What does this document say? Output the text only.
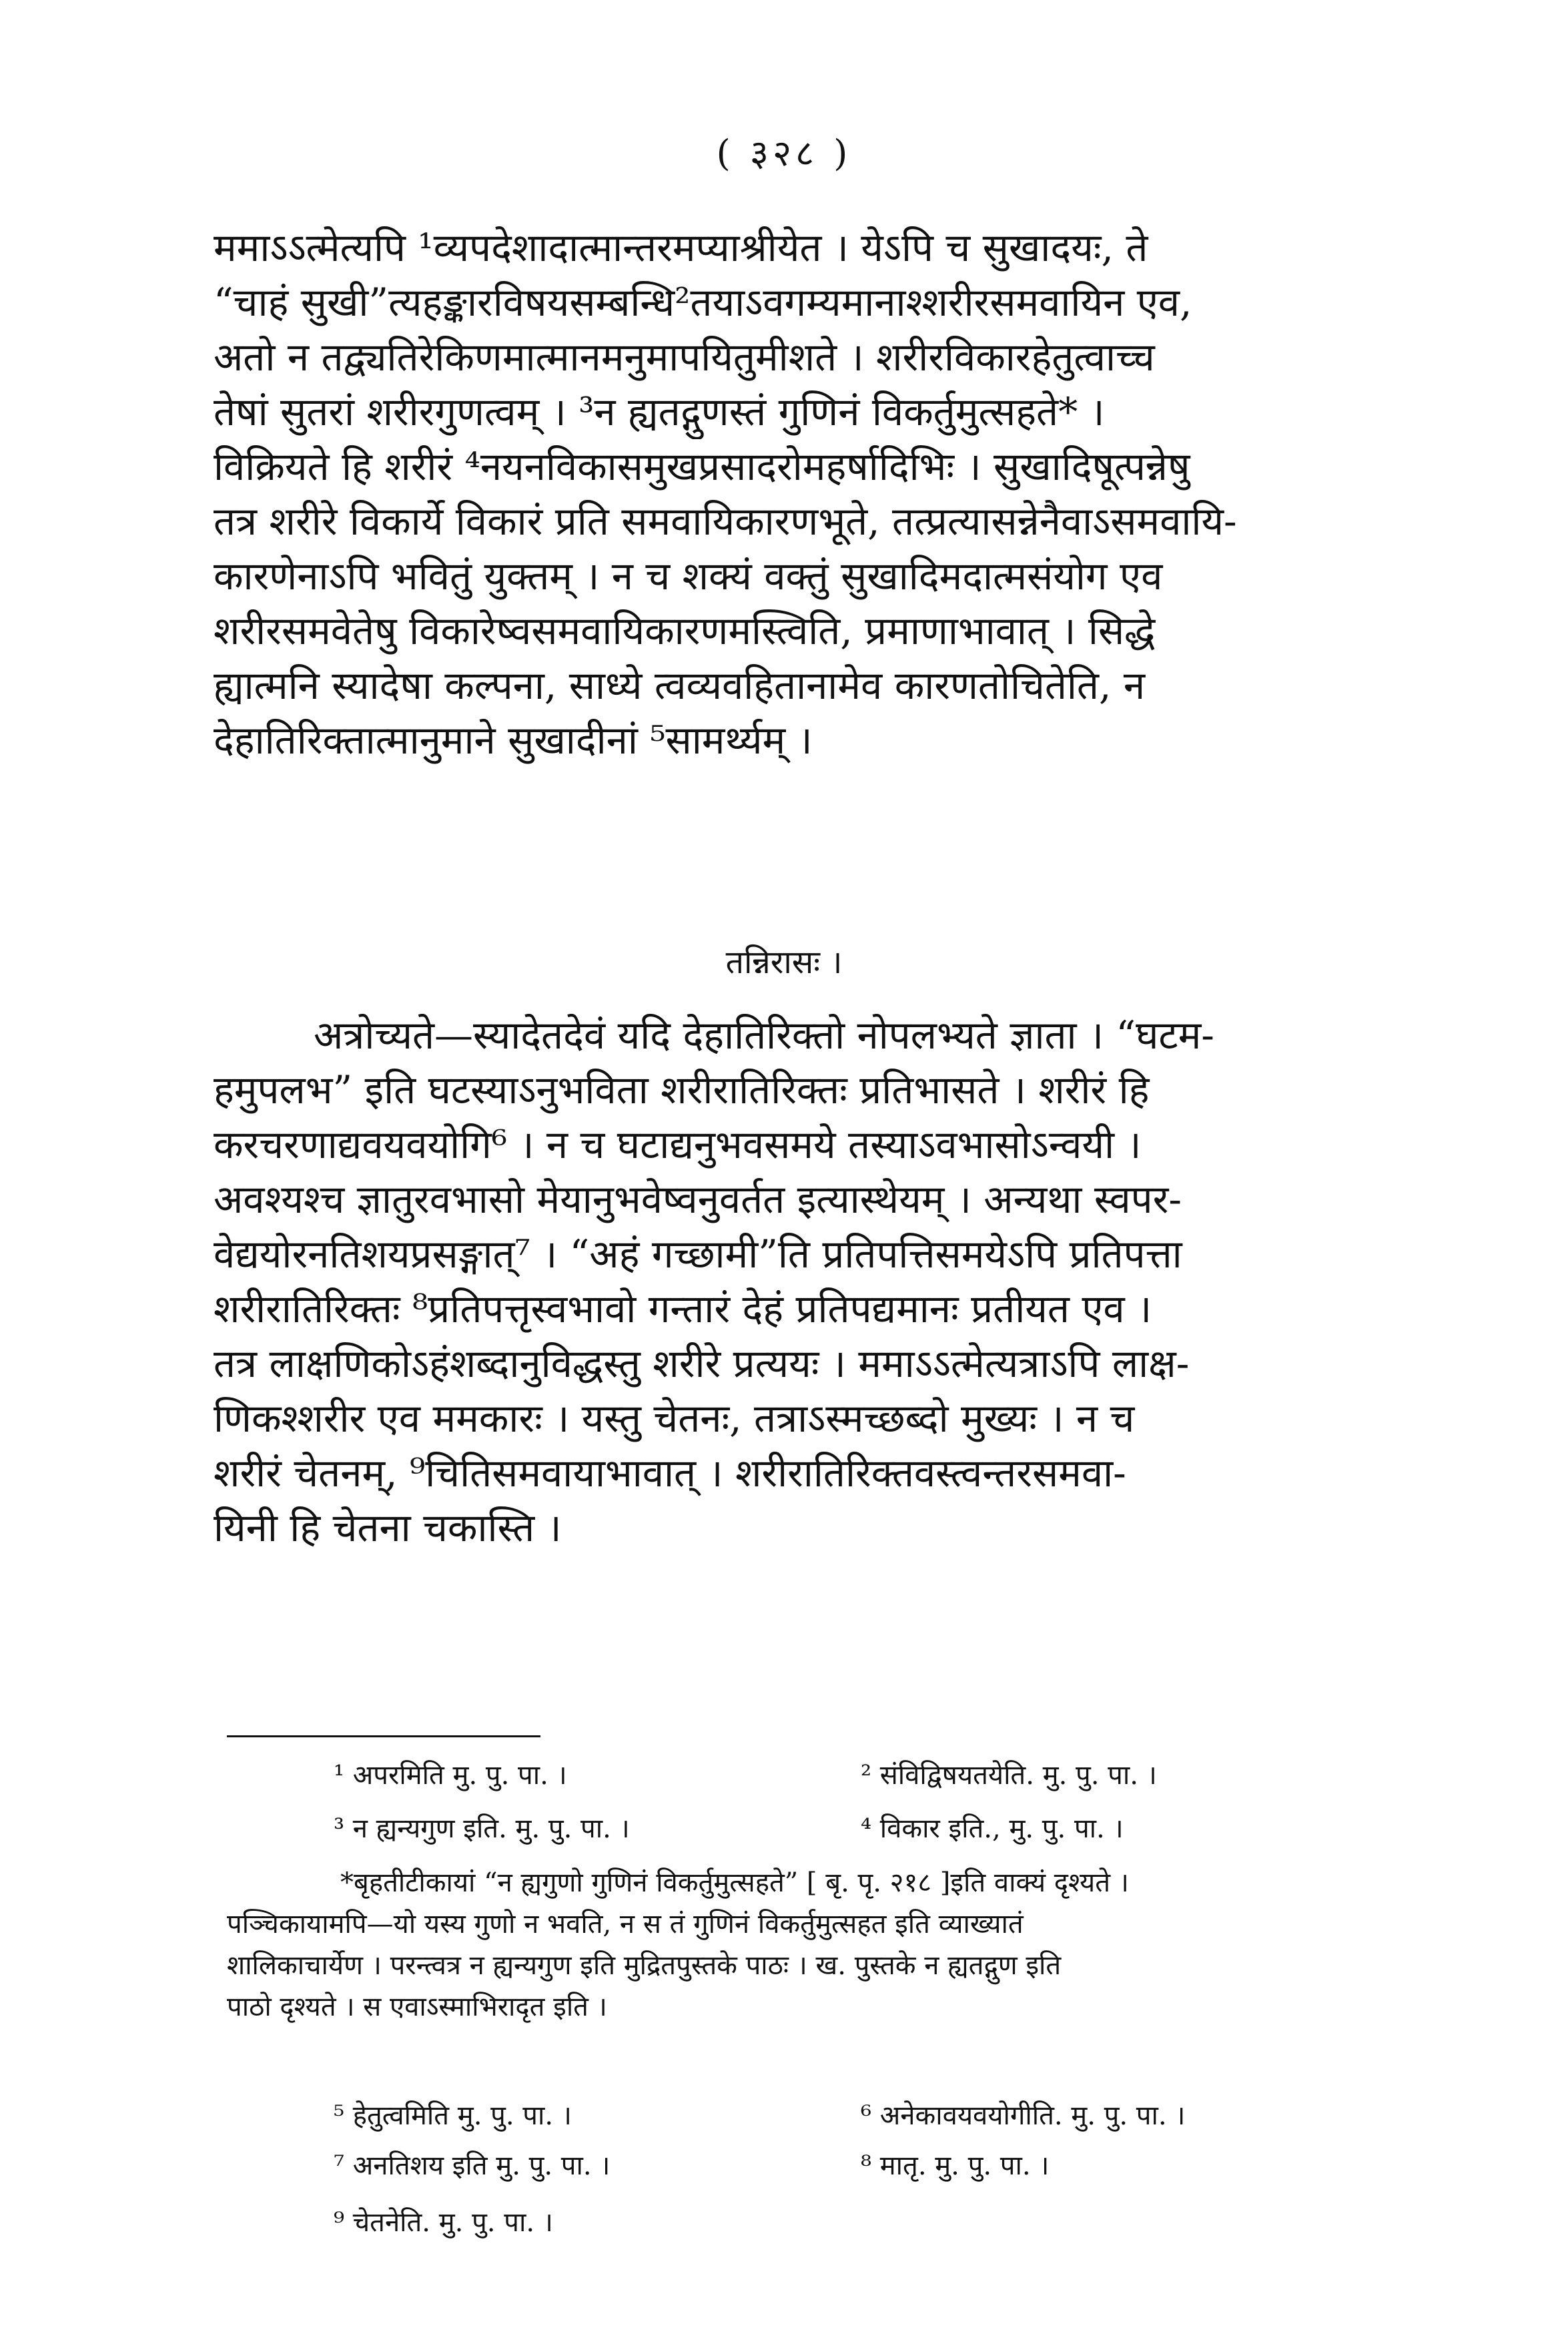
( ३२८ )
ममाऽऽत्मेत्यपि ¹व्यपदेशादात्मान्तरमप्याश्रीयेत । येऽपि च सुखादयः, ते
“चाहं सुखी”त्यहङ्कारविषयसम्बन्धि²तयाऽवगम्यमानाश्शरीरसमवायिन एव,
अतो न तद्व्यतिरेकिणमात्मानमनुमापयितुमीशते । शरीरविकारहेतुत्वाच्च
तेषां सुतरां शरीरगुणत्वम् । ³न ह्यतद्गुणस्तं गुणिनं विकर्तुमुत्सहते* ।
विक्रियते हि शरीरं ⁴नयनविकासमुखप्रसादरोमहर्षादिभिः । सुखादिषूत्पन्नेषु
तत्र शरीरे विकार्ये विकारं प्रति समवायिकारणभूते, तत्प्रत्यासन्नेनैवाऽसमवायि-
कारणेनाऽपि भवितुं युक्तम् । न च शक्यं वक्तुं सुखादिमदात्मसंयोग एव
शरीरसमवेतेषु विकारेष्वसमवायिकारणमस्त्विति, प्रमाणाभावात् । सिद्धे
ह्यात्मनि स्यादेषा कल्पना, साध्ये त्वव्यवहितानामेव कारणतोचितेति, न
देहातिरिक्तात्मानुमाने सुखादीनां ⁵सामर्थ्यम् ।
तन्निरासः ।
अत्रोच्यते—स्यादेतदेवं यदि देहातिरिक्तो नोपलभ्यते ज्ञाता । “घटम-
हमुपलभ” इति घटस्याऽनुभविता शरीरातिरिक्तः प्रतिभासते । शरीरं हि
करचरणाद्यवयवयोगि⁶ । न च घटाद्यनुभवसमये तस्याऽवभासोऽन्वयी ।
अवश्यश्च ज्ञातुरवभासो मेयानुभवेष्वनुवर्तत इत्यास्थेयम् । अन्यथा स्वपर-
वेद्ययोरनतिशयप्रसङ्गात्⁷ । “अहं गच्छामी”ति प्रतिपत्तिसमयेऽपि प्रतिपत्ता
शरीरातिरिक्तः ⁸प्रतिपत्तृस्वभावो गन्तारं देहं प्रतिपद्यमानः प्रतीयत एव ।
तत्र लाक्षणिकोऽहंशब्दानुविद्धस्तु शरीरे प्रत्ययः । ममाऽऽत्मेत्यत्राऽपि लाक्ष-
णिकश्शरीर एव ममकारः । यस्तु चेतनः, तत्राऽस्मच्छब्दो मुख्यः । न च
शरीरं चेतनम्, ⁹चितिसमवायाभावात् । शरीरातिरिक्तवस्त्वन्तरसमवा-
यिनी हि चेतना चकास्ति ।
¹ अपरमिति मु. पु. पा. ।	² संविद्विषयतयेति. मु. पु. पा. ।
³ न ह्यन्यगुण इति. मु. पु. पा. ।	⁴ विकार इति., मु. पु. पा. ।
*बृहतीटीकायां “न ह्यगुणो गुणिनं विकर्तुमुत्सहते” [ बृ. पृ. २१८ ]इति वाक्यं दृश्यते ।
पञ्चिकायामपि—यो यस्य गुणो न भवति, न स तं गुणिनं विकर्तुमुत्सहत इति व्याख्यातं
शालिकाचार्येण । परन्त्वत्र न ह्यन्यगुण इति मुद्रितपुस्तके पाठः । ख. पुस्तके न ह्यतद्गुण इति
पाठो दृश्यते । स एवाऽस्माभिरादृत इति ।
⁵ हेतुत्वमिति मु. पु. पा. ।	⁶ अनेकावयवयोगीति. मु. पु. पा. ।
⁷ अनतिशय इति मु. पु. पा. ।	⁸ मातृ. मु. पु. पा. ।
⁹ चेतनेति. मु. पु. पा. ।
